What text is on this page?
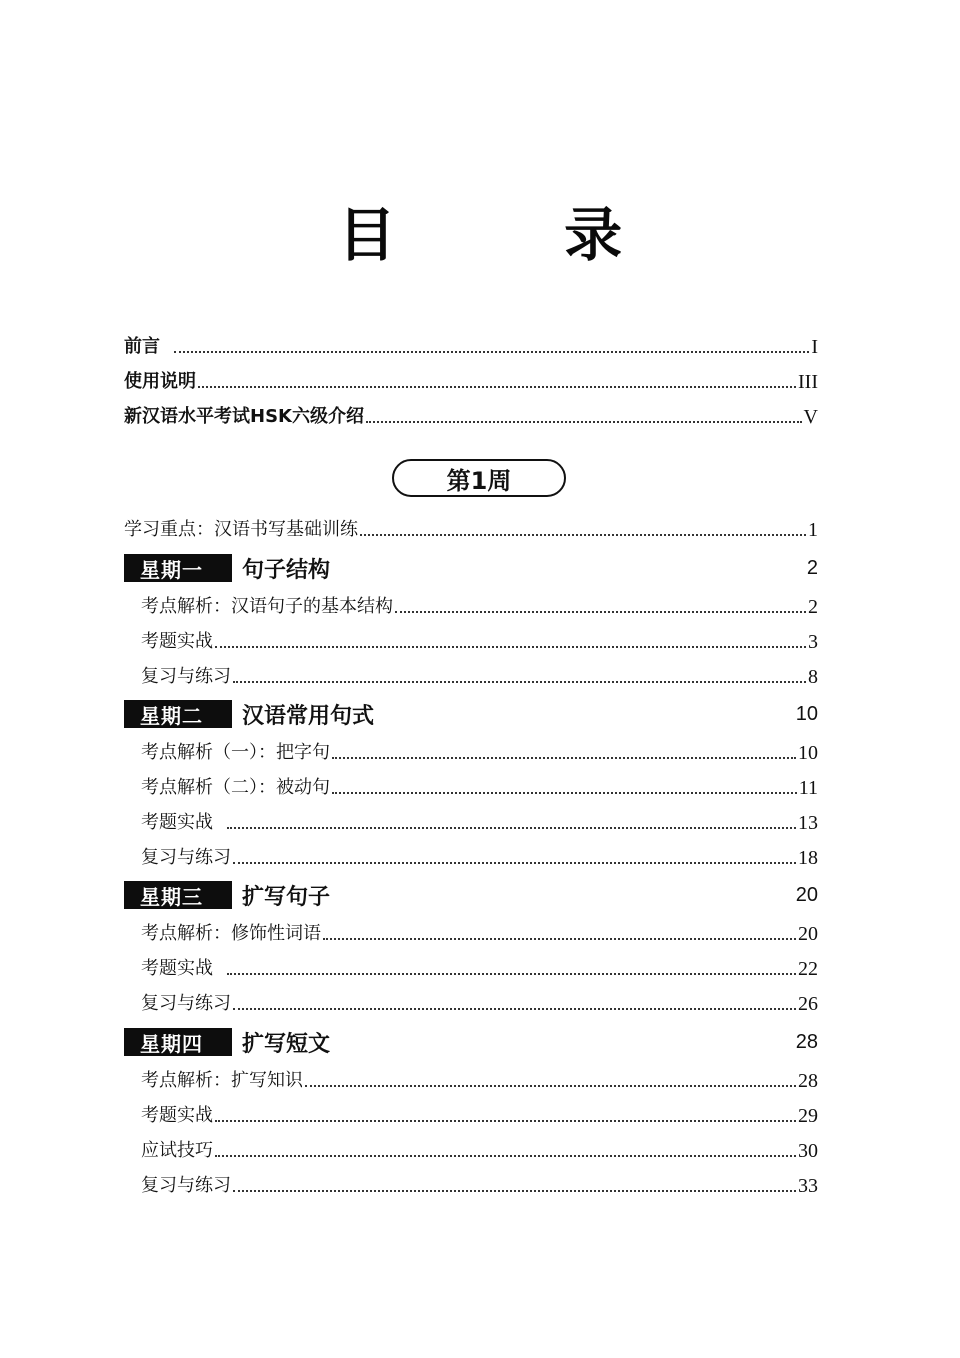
目 录
前言	I
使用说明	III
新汉语水平考试HSK六级介绍	V
第1周
学习重点：汉语书写基础训练	1
星期一	句子结构	2
考点解析：汉语句子的基本结构	2
考题实战	3
复习与练习	8
星期二	汉语常用句式	10
考点解析（一）：把字句	10
考点解析（二）：被动句	11
考题实战	13
复习与练习	18
星期三	扩写句子	20
考点解析：修饰性词语	20
考题实战	22
复习与练习	26
星期四	扩写短文	28
考点解析：扩写知识	28
考题实战	29
应试技巧	30
复习与练习	33
